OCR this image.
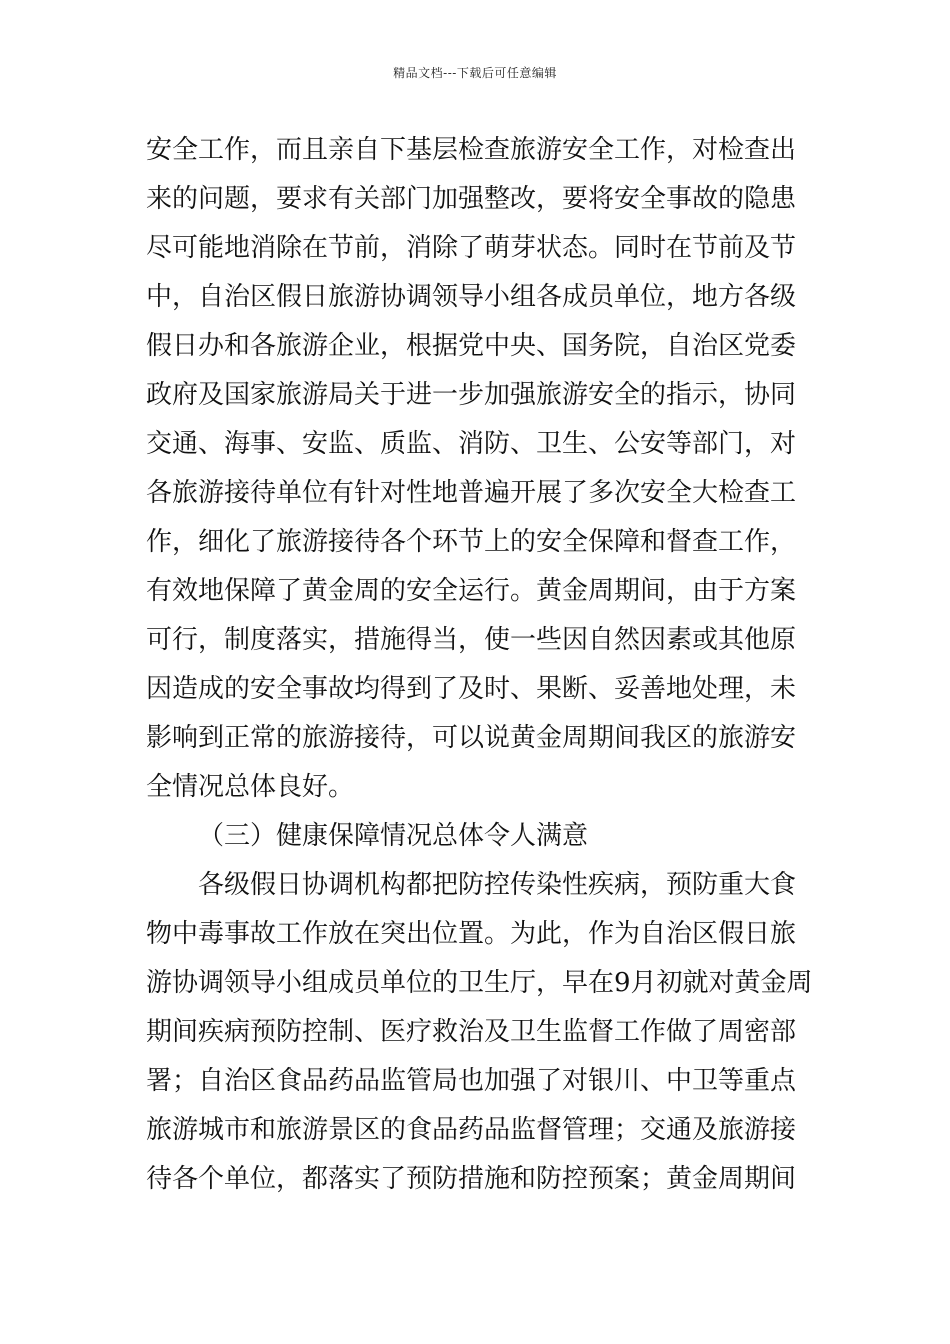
精品文档---下载后可任意编辑
安全工作，而且亲自下基层检查旅游安全工作，对检查出
来的问题，要求有关部门加强整改，要将安全事故的隐患
尽可能地消除在节前，消除了萌芽状态。同时在节前及节
中，自治区假日旅游协调领导小组各成员单位，地方各级
假日办和各旅游企业，根据党中央、国务院，自治区党委
政府及国家旅游局关于进一步加强旅游安全的指示，协同
交通、海事、安监、质监、消防、卫生、公安等部门，对
各旅游接待单位有针对性地普遍开展了多次安全大检查工
作，细化了旅游接待各个环节上的安全保障和督查工作，
有效地保障了黄金周的安全运行。黄金周期间，由于方案
可行，制度落实，措施得当，使一些因自然因素或其他原
因造成的安全事故均得到了及时、果断、妥善地处理，未
影响到正常的旅游接待，可以说黄金周期间我区的旅游安
全情况总体良好。
（三）健康保障情况总体令人满意
各级假日协调机构都把防控传染性疾病，预防重大食
物中毒事故工作放在突出位置。为此，作为自治区假日旅
游协调领导小组成员单位的卫生厅，早在9月初就对黄金周
期间疾病预防控制、医疗救治及卫生监督工作做了周密部
署；自治区食品药品监管局也加强了对银川、中卫等重点
旅游城市和旅游景区的食品药品监督管理；交通及旅游接
待各个单位，都落实了预防措施和防控预案；黄金周期间
